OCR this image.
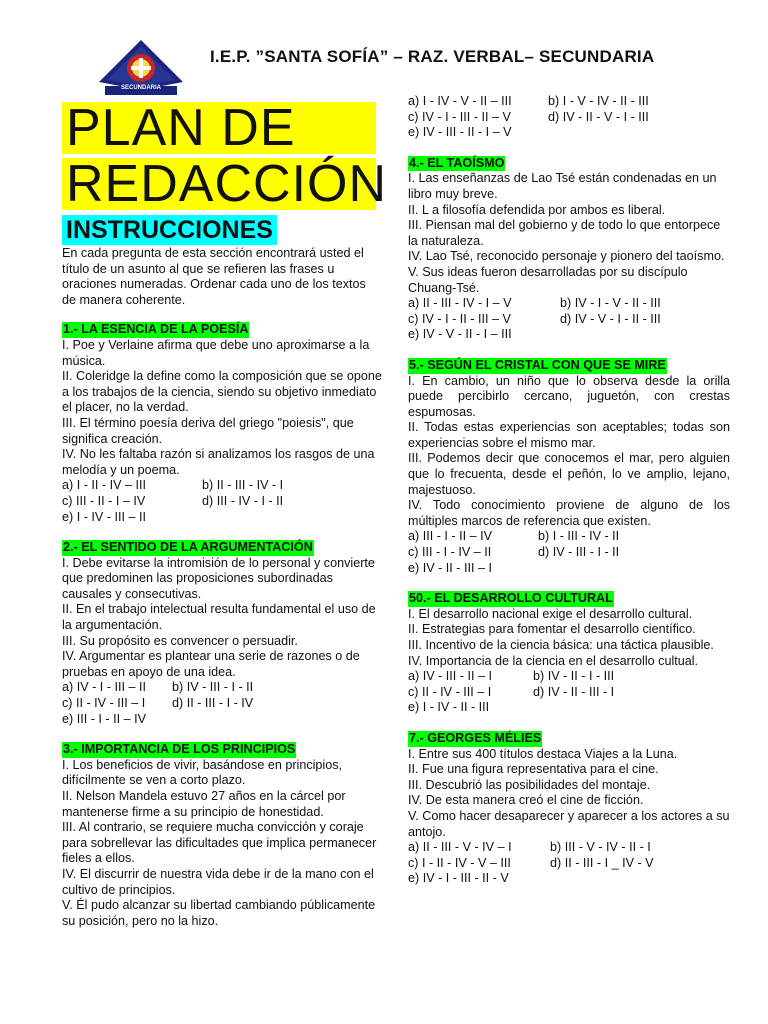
SECUNDARIA
I.E.P. ”SANTA SOFÍA” – RAZ. VERBAL– SECUNDARIA
PLAN DE
REDACCIÓN
INSTRUCCIONES

En cada pregunta de esta sección encontrará usted el título de un asunto al que se refieren las frases u oraciones numeradas. Ordenar cada uno de los textos de manera coherente.

1.- LA ESENCIA DE LA POESÍA

I. Poe y Verlaine afirma que debe uno aproximarse a la música.

II. Coleridge la define como la composición que se opone a los trabajos de la ciencia, siendo su objetivo inmediato el placer, no la verdad.

III. El término poesía deriva del griego "poiesis", que significa creación.

IV. No les faltaba razón si analizamos los rasgos de una melodía y un poema.

a) I - II - IV – III	b) II - III - IV - I
c) III - II - I – IV	d) III - IV - I - II
e) I - IV - III – II
2.- EL SENTIDO DE LA ARGUMENTACIÓN

I. Debe evitarse la intromisión de lo personal y convierte que predominen las proposiciones subordinadas causales y consecutivas.

II. En el trabajo intelectual resulta fundamental el uso de la argumentación.

III. Su propósito es convencer o persuadir.

IV. Argumentar es plantear una serie de razones o de pruebas en apoyo de una idea.

a) IV - I - III – II	b) IV - III - I - II
c) II - IV - III – I	d) II - III - I - IV
e) III - I - II – IV
3.- IMPORTANCIA DE LOS PRINCIPIOS

I. Los beneficios de vivir, basándose en principios, difícilmente se ven a corto plazo.

II. Nelson Mandela estuvo 27 años en la cárcel por mantenerse firme a su principio de honestidad.

III. Al contrario, se requiere mucha convicción y coraje para sobrellevar las dificultades que implica permanecer fieles a ellos.

IV. El discurrir de nuestra vida debe ir de la mano con el cultivo de principios.

V. Él pudo alcanzar su libertad cambiando públicamente su posición, pero no la hizo.

a) I - IV - V - II – III	b) I - V - IV - II - III
c) IV - I - III - II – V	d) IV - II - V - I - III
e) IV - III - II - I – V
4.- EL TAOÍSMO

I. Las enseñanzas de Lao Tsé están condenadas en un libro muy breve.

II. L a filosofía defendida por ambos es liberal.

III. Piensan mal del gobierno y de todo lo que entorpece la naturaleza.

IV. Lao Tsé, reconocido personaje y pionero del taoísmo.

V. Sus ideas fueron desarrolladas por su discípulo Chuang-Tsé.

a) II - III - IV - I – V	b) IV - I - V - II - III
c) IV - I - II - III – V	d) IV - V - I - II - III
e) IV - V - II - I – III
5.- SEGÚN EL CRISTAL CON QUE SE MIRE

I. En cambio, un niño que lo observa desde la orilla puede percibirlo cercano, juguetón, con crestas espumosas.

II. Todas estas experiencias son aceptables; todas son experiencias sobre el mismo mar.

III. Podemos decir que conocemos el mar, pero alguien que lo frecuenta, desde el peñón, lo ve amplio, lejano, majestuoso.

IV. Todo conocimiento proviene de alguno de los múltiples marcos de referencia que existen.

a) III - I - II – IV	b) I - III - IV - II
c) III - I - IV – II	d) IV - III - I - II
e) IV - II - III – I
50.- EL DESARROLLO CULTURAL

I. El desarrollo nacional exige el desarrollo cultural.

II. Estrategias para fomentar el desarrollo científico.

III. Incentivo de la ciencia básica: una táctica plausible.

IV. Importancia de la ciencia en el desarrollo cultual.

a) IV - III - II – I	b) IV - II - I - III
c) II - IV - III – I	d) IV - II - III - I
e) I - IV - II - III
7.- GEORGES MÉLIES

I. Entre sus 400 títulos destaca Viajes a la Luna.

II. Fue una figura representativa para el cine.

III. Descubrió las posibilidades del montaje.

IV. De esta manera creó el cine de ficción.

V. Como hacer desaparecer y aparecer a los actores a su antojo.

a) II - III - V - IV – I	b) III - V - IV - II - I
c) I - II - IV - V – III	d) II - III - I _ IV - V
e) IV - I - III - II - V
